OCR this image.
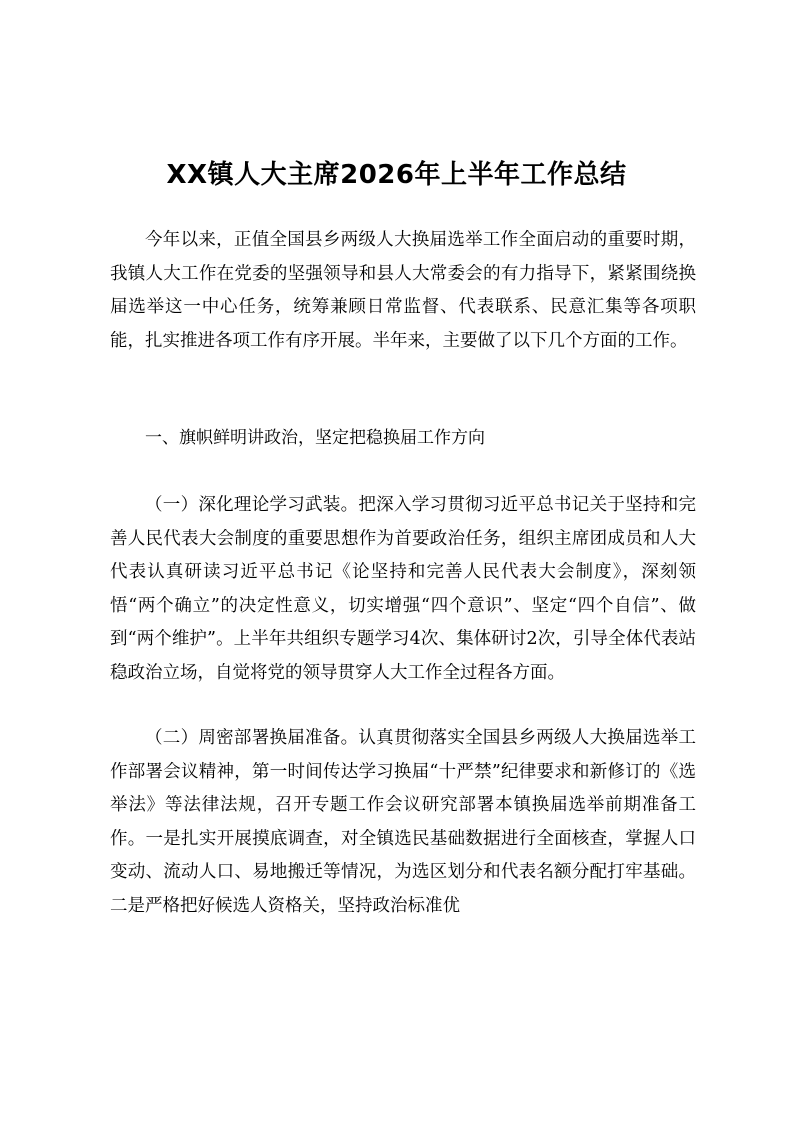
XX镇人大主席2026年上半年工作总结

今年以来，正值全国县乡两级人大换届选举工作全面启动的重要时期，我镇人大工作在党委的坚强领导和县人大常委会的有力指导下，紧紧围绕换届选举这一中心任务，统筹兼顾日常监督、代表联系、民意汇集等各项职能，扎实推进各项工作有序开展。半年来，主要做了以下几个方面的工作。

一、旗帜鲜明讲政治，坚定把稳换届工作方向

（一）深化理论学习武装。把深入学习贯彻习近平总书记关于坚持和完善人民代表大会制度的重要思想作为首要政治任务，组织主席团成员和人大代表认真研读习近平总书记《论坚持和完善人民代表大会制度》，深刻领悟“两个确立”的决定性意义，切实增强“四个意识”、坚定“四个自信”、做到“两个维护”。上半年共组织专题学习4次、集体研讨2次，引导全体代表站稳政治立场，自觉将党的领导贯穿人大工作全过程各方面。

（二）周密部署换届准备。认真贯彻落实全国县乡两级人大换届选举工作部署会议精神，第一时间传达学习换届“十严禁”纪律要求和新修订的《选举法》等法律法规，召开专题工作会议研究部署本镇换届选举前期准备工作。一是扎实开展摸底调查，对全镇选民基础数据进行全面核查，掌握人口变动、流动人口、易地搬迁等情况，为选区划分和代表名额分配打牢基础。二是严格把好候选人资格关，坚持政治标准优
